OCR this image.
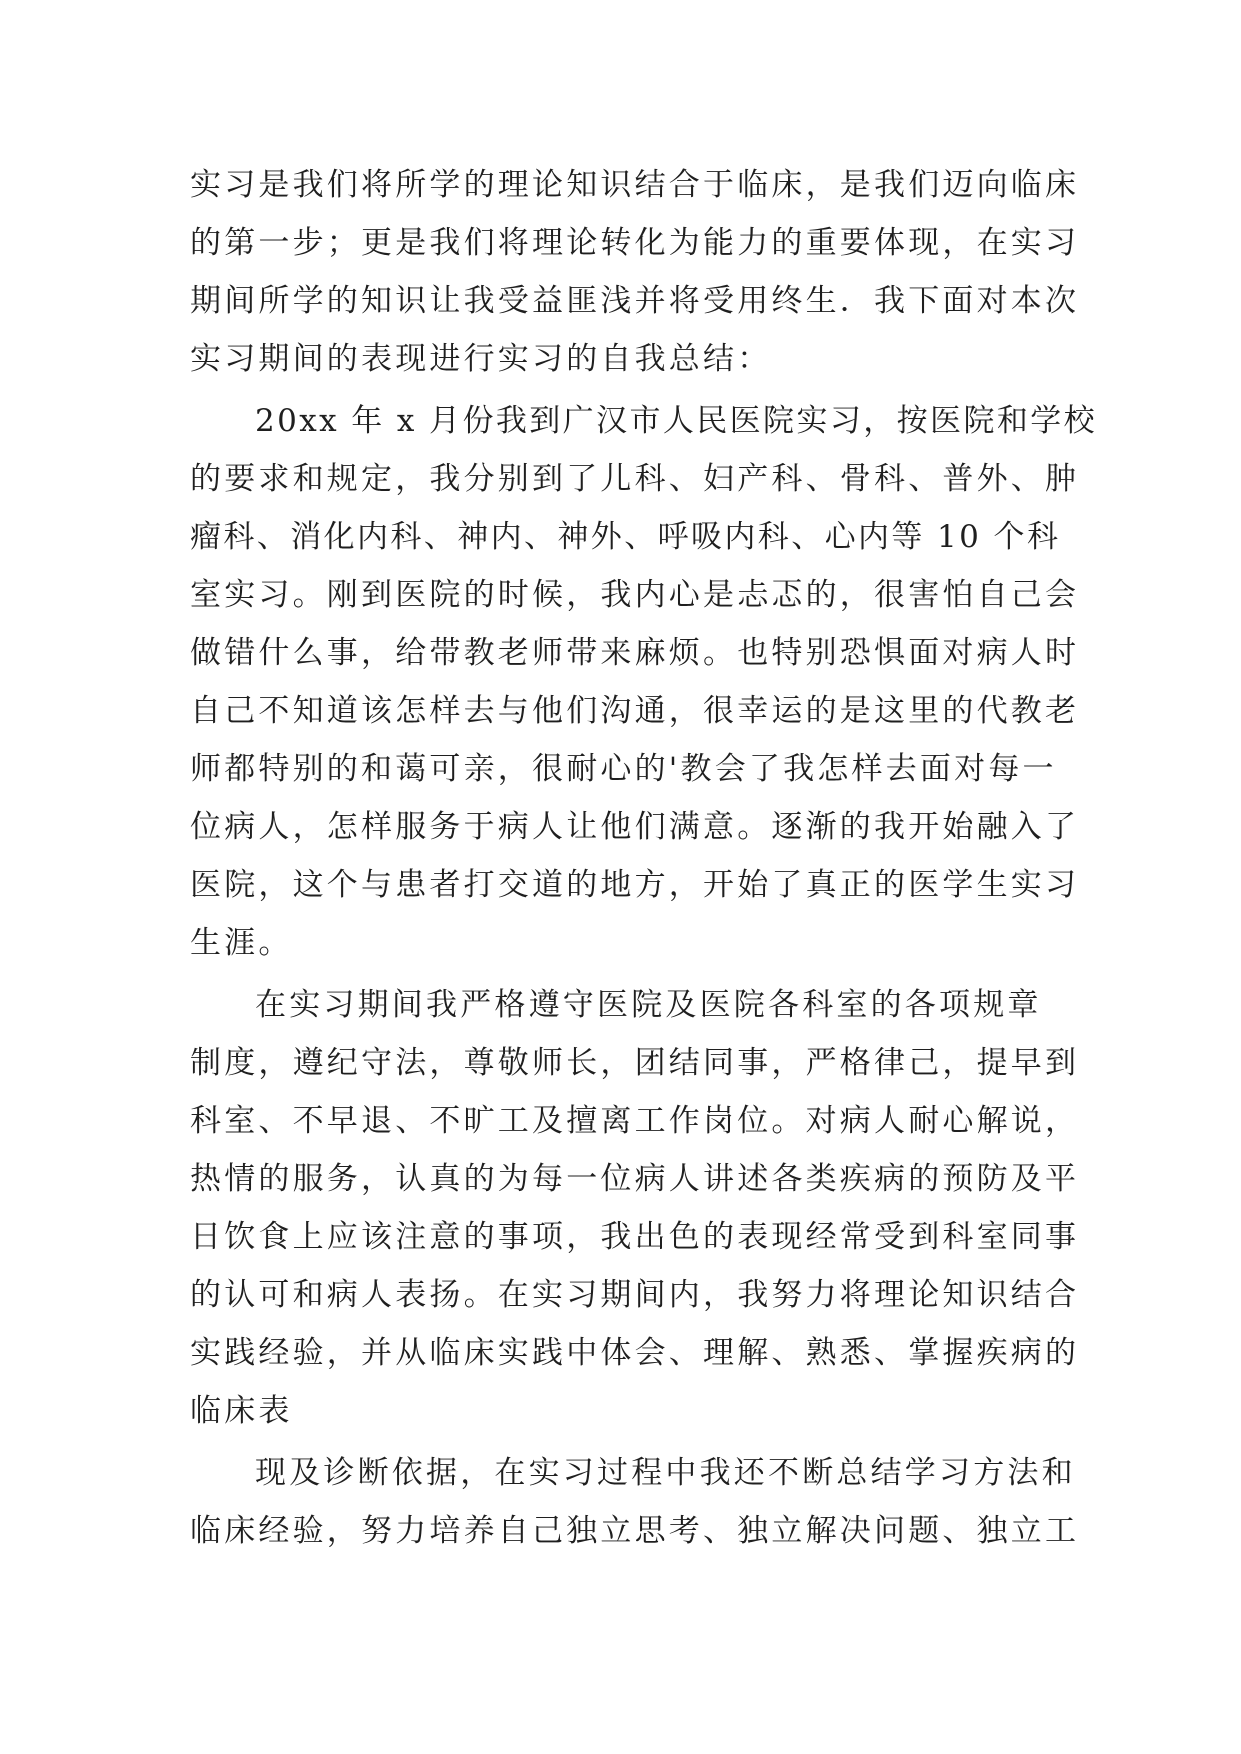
实习是我们将所学的理论知识结合于临床，是我们迈向临床
的第一步；更是我们将理论转化为能力的重要体现，在实习
期间所学的知识让我受益匪浅并将受用终生．我下面对本次
实习期间的表现进行实习的自我总结：
20xx 年 x 月份我到广汉市人民医院实习，按医院和学校
的要求和规定，我分别到了儿科、妇产科、骨科、普外、肿
瘤科、消化内科、神内、神外、呼吸内科、心内等 10 个科
室实习。刚到医院的时候，我内心是忐忑的，很害怕自己会
做错什么事，给带教老师带来麻烦。也特别恐惧面对病人时
自己不知道该怎样去与他们沟通，很幸运的是这里的代教老
师都特别的和蔼可亲，很耐心的'教会了我怎样去面对每一
位病人，怎样服务于病人让他们满意。逐渐的我开始融入了
医院，这个与患者打交道的地方，开始了真正的医学生实习
生涯。
在实习期间我严格遵守医院及医院各科室的各项规章
制度，遵纪守法，尊敬师长，团结同事，严格律己，提早到
科室、不早退、不旷工及擅离工作岗位。对病人耐心解说，
热情的服务，认真的为每一位病人讲述各类疾病的预防及平
日饮食上应该注意的事项，我出色的表现经常受到科室同事
的认可和病人表扬。在实习期间内，我努力将理论知识结合
实践经验，并从临床实践中体会、理解、熟悉、掌握疾病的
临床表
现及诊断依据，在实习过程中我还不断总结学习方法和
临床经验，努力培养自己独立思考、独立解决问题、独立工
